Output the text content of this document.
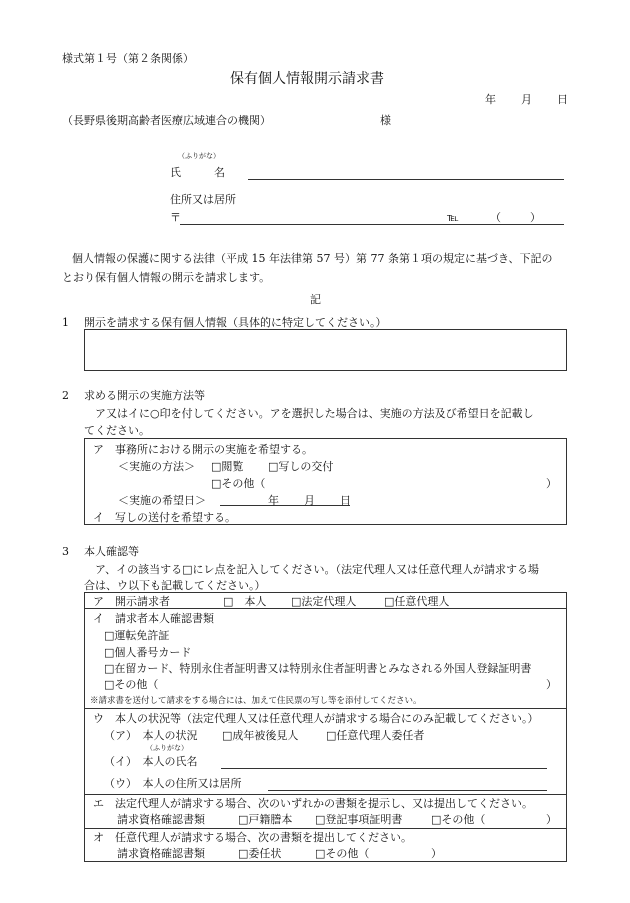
様式第１号（第２条関係）
保有個人情報開示請求書
年 月 日
（長野県後期高齢者医療広域連合の機関）	様
（ふりがな）
氏　　　名
住所又は居所
〒	℡	（	）
個人情報の保護に関する法律（平成 15 年法律第 57 号）第 77 条第１項の規定に基づき、下記の
とおり保有個人情報の開示を請求します。
記
1 開示を請求する保有個人情報（具体的に特定してください。）
2 求める開示の実施方法等
ア又はイに○印を付してください。アを選択した場合は、実施の方法及び希望日を記載し
てください。
ア　事務所における開示の実施を希望する。
＜実施の方法＞ □閲覧 □写しの交付
□その他（	）
＜実施の希望日＞	年 月 日
イ　写しの送付を希望する。
3 本人確認等
ア、イの該当する□にレ点を記入してください。（法定代理人又は任意代理人が請求する場
合は、ウ以下も記載してください。）
ア　開示請求者	□　本人 □法定代理人	□任意代理人
イ　請求者本人確認書類
□運転免許証
□個人番号カード
□在留カード、特別永住者証明書又は特別永住者証明書とみなされる外国人登録証明書
□その他（	）
※請求書を送付して請求をする場合には、加えて住民票の写し等を添付してください。
ウ　本人の状況等（法定代理人又は任意代理人が請求する場合にのみ記載してください。）
（ア）　本人の状況 □成年被後見人	□任意代理人委任者
（ふりがな）
（イ）　本人の氏名
（ウ）　本人の住所又は居所
エ　法定代理人が請求する場合、次のいずれかの書類を提示し、又は提出してください。
請求資格確認書類	□戸籍謄本 □登記事項証明書	□その他（	）
オ　任意代理人が請求する場合、次の書類を提出してください。
請求資格確認書類	□委任状	□その他（	）
